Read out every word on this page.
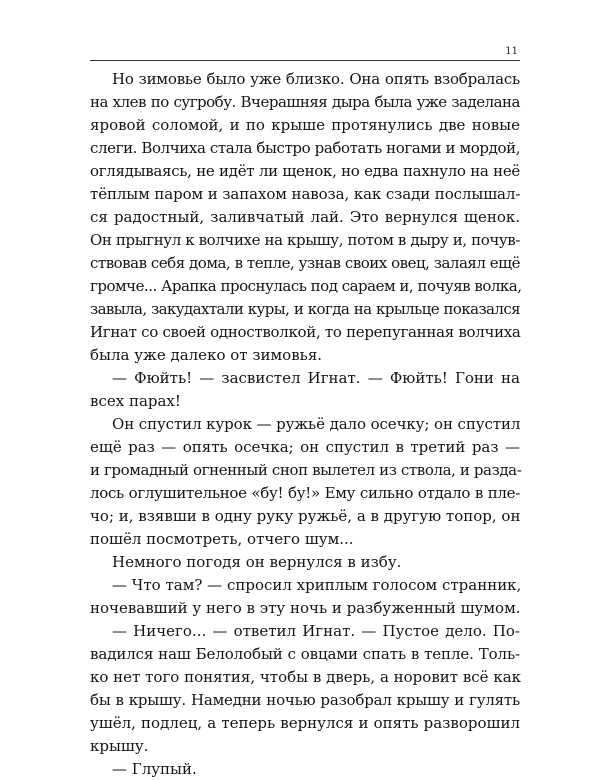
11

Но зимовье было уже близко. Она опять взобралась
на хлев по сугробу. Вчерашняя дыра была уже заделана
яровой соломой, и по крыше протянулись две новые
слеги. Волчиха стала быстро работать ногами и мордой,
оглядываясь, не идёт ли щенок, но едва пахнуло на неё
тёплым паром и запахом навоза, как сзади послышал-
ся радостный, заливчатый лай. Это вернулся щенок.
Он прыгнул к волчихе на крышу, потом в дыру и, почув-
ствовав себя дома, в тепле, узнав своих овец, залаял ещё
громче... Арапка проснулась под сараем и, почуяв волка,
завыла, закудахтали куры, и когда на крыльце показался
Игнат со своей одностволкой, то перепуганная волчиха
была уже далеко от зимовья.

— Фюйть! — засвистел Игнат. — Фюйть! Гони на
всех парах!

Он спустил курок — ружьё дало осечку; он спустил
ещё раз — опять осечка; он спустил в третий раз —
и громадный огненный сноп вылетел из ствола, и разда-
лось оглушительное «бу! бу!» Ему сильно отдало в пле-
чо; и, взявши в одну руку ружьё, а в другую топор, он
пошёл посмотреть, отчего шум...

Немного погодя он вернулся в избу.

— Что там? — спросил хриплым голосом странник,
ночевавший у него в эту ночь и разбуженный шумом.

— Ничего... — ответил Игнат. — Пустое дело. По-
вадился наш Белолобый с овцами спать в тепле. Толь-
ко нет того понятия, чтобы в дверь, а норовит всё как
бы в крышу. Намедни ночью разобрал крышу и гулять
ушёл, подлец, а теперь вернулся и опять разворошил
крышу.

— Глупый.
